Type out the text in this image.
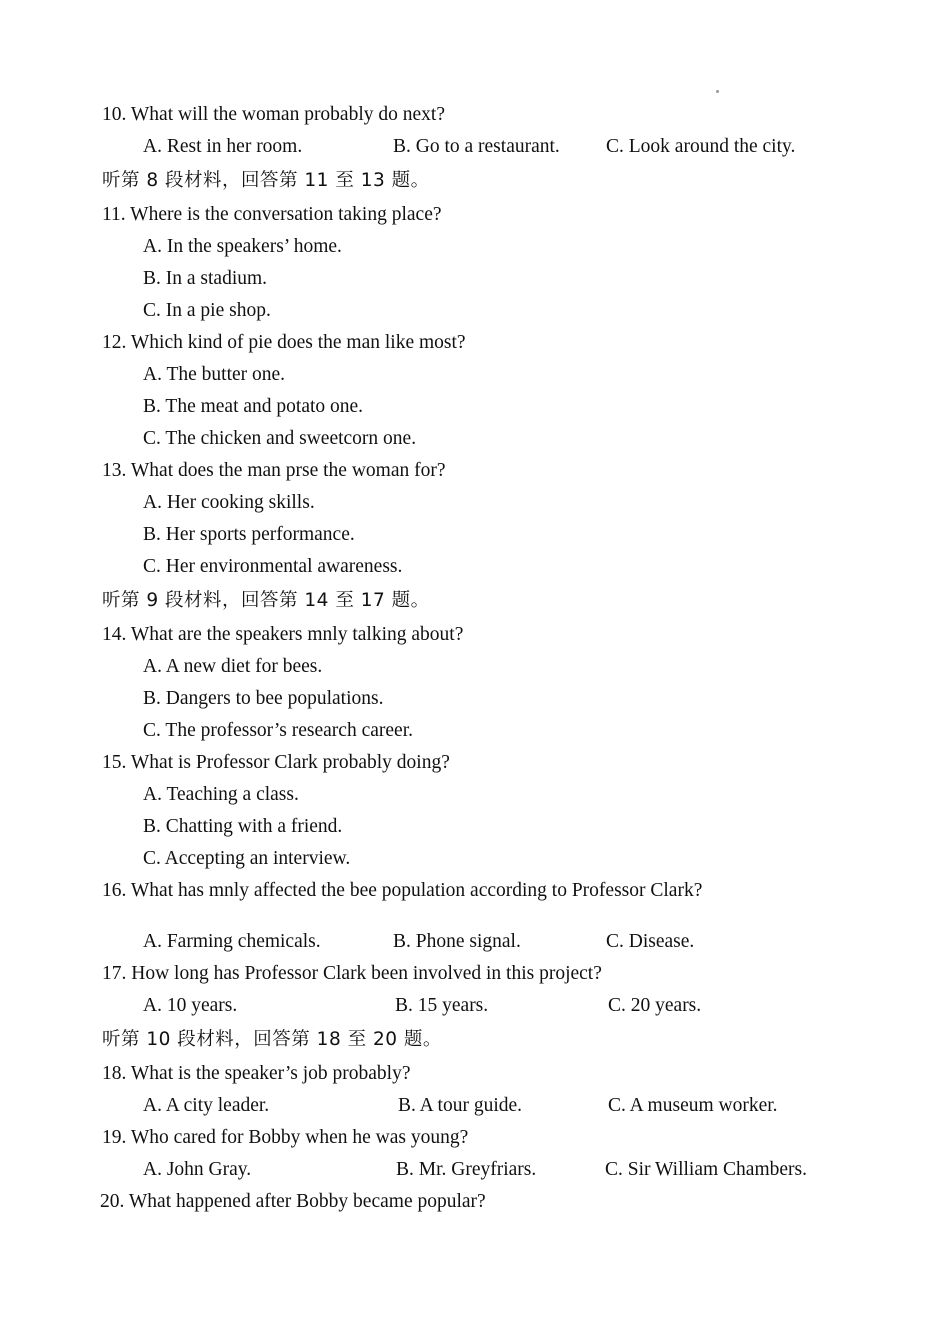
10. What will the woman probably do next?
A. Rest in her room.	B. Go to a restaurant. C. Look around the city.
听第 8 段材料，回答第 11 至 13 题。
11. Where is the conversation taking place?
A. In the speakers’ home.
B. In a stadium.
C. In a pie shop.
12. Which kind of pie does the man like most?
A. The butter one.
B. The meat and potato one.
C. The chicken and sweetcorn one.
13. What does the man prse the woman for?
A. Her cooking skills.
B. Her sports performance.
C. Her environmental awareness.
听第 9 段材料，回答第 14 至 17 题。
14. What are the speakers mnly talking about?
A. A new diet for bees.
B. Dangers to bee populations.
C. The professor’s research career.
15. What is Professor Clark probably doing?
A. Teaching a class.
B. Chatting with a friend.
C. Accepting an interview.
16. What has mnly affected the bee population according to Professor Clark?
A. Farming chemicals.	B. Phone signal.	C. Disease.
17. How long has Professor Clark been involved in this project?
A. 10 years.	B. 15 years.	C. 20 years.
听第 10 段材料，回答第 18 至 20 题。
18. What is the speaker’s job probably?
A. A city leader.	B. A tour guide.	C. A museum worker.
19. Who cared for Bobby when he was young?
A. John Gray.	B. Mr. Greyfriars.	C. Sir William Chambers.
20. What happened after Bobby became popular?
